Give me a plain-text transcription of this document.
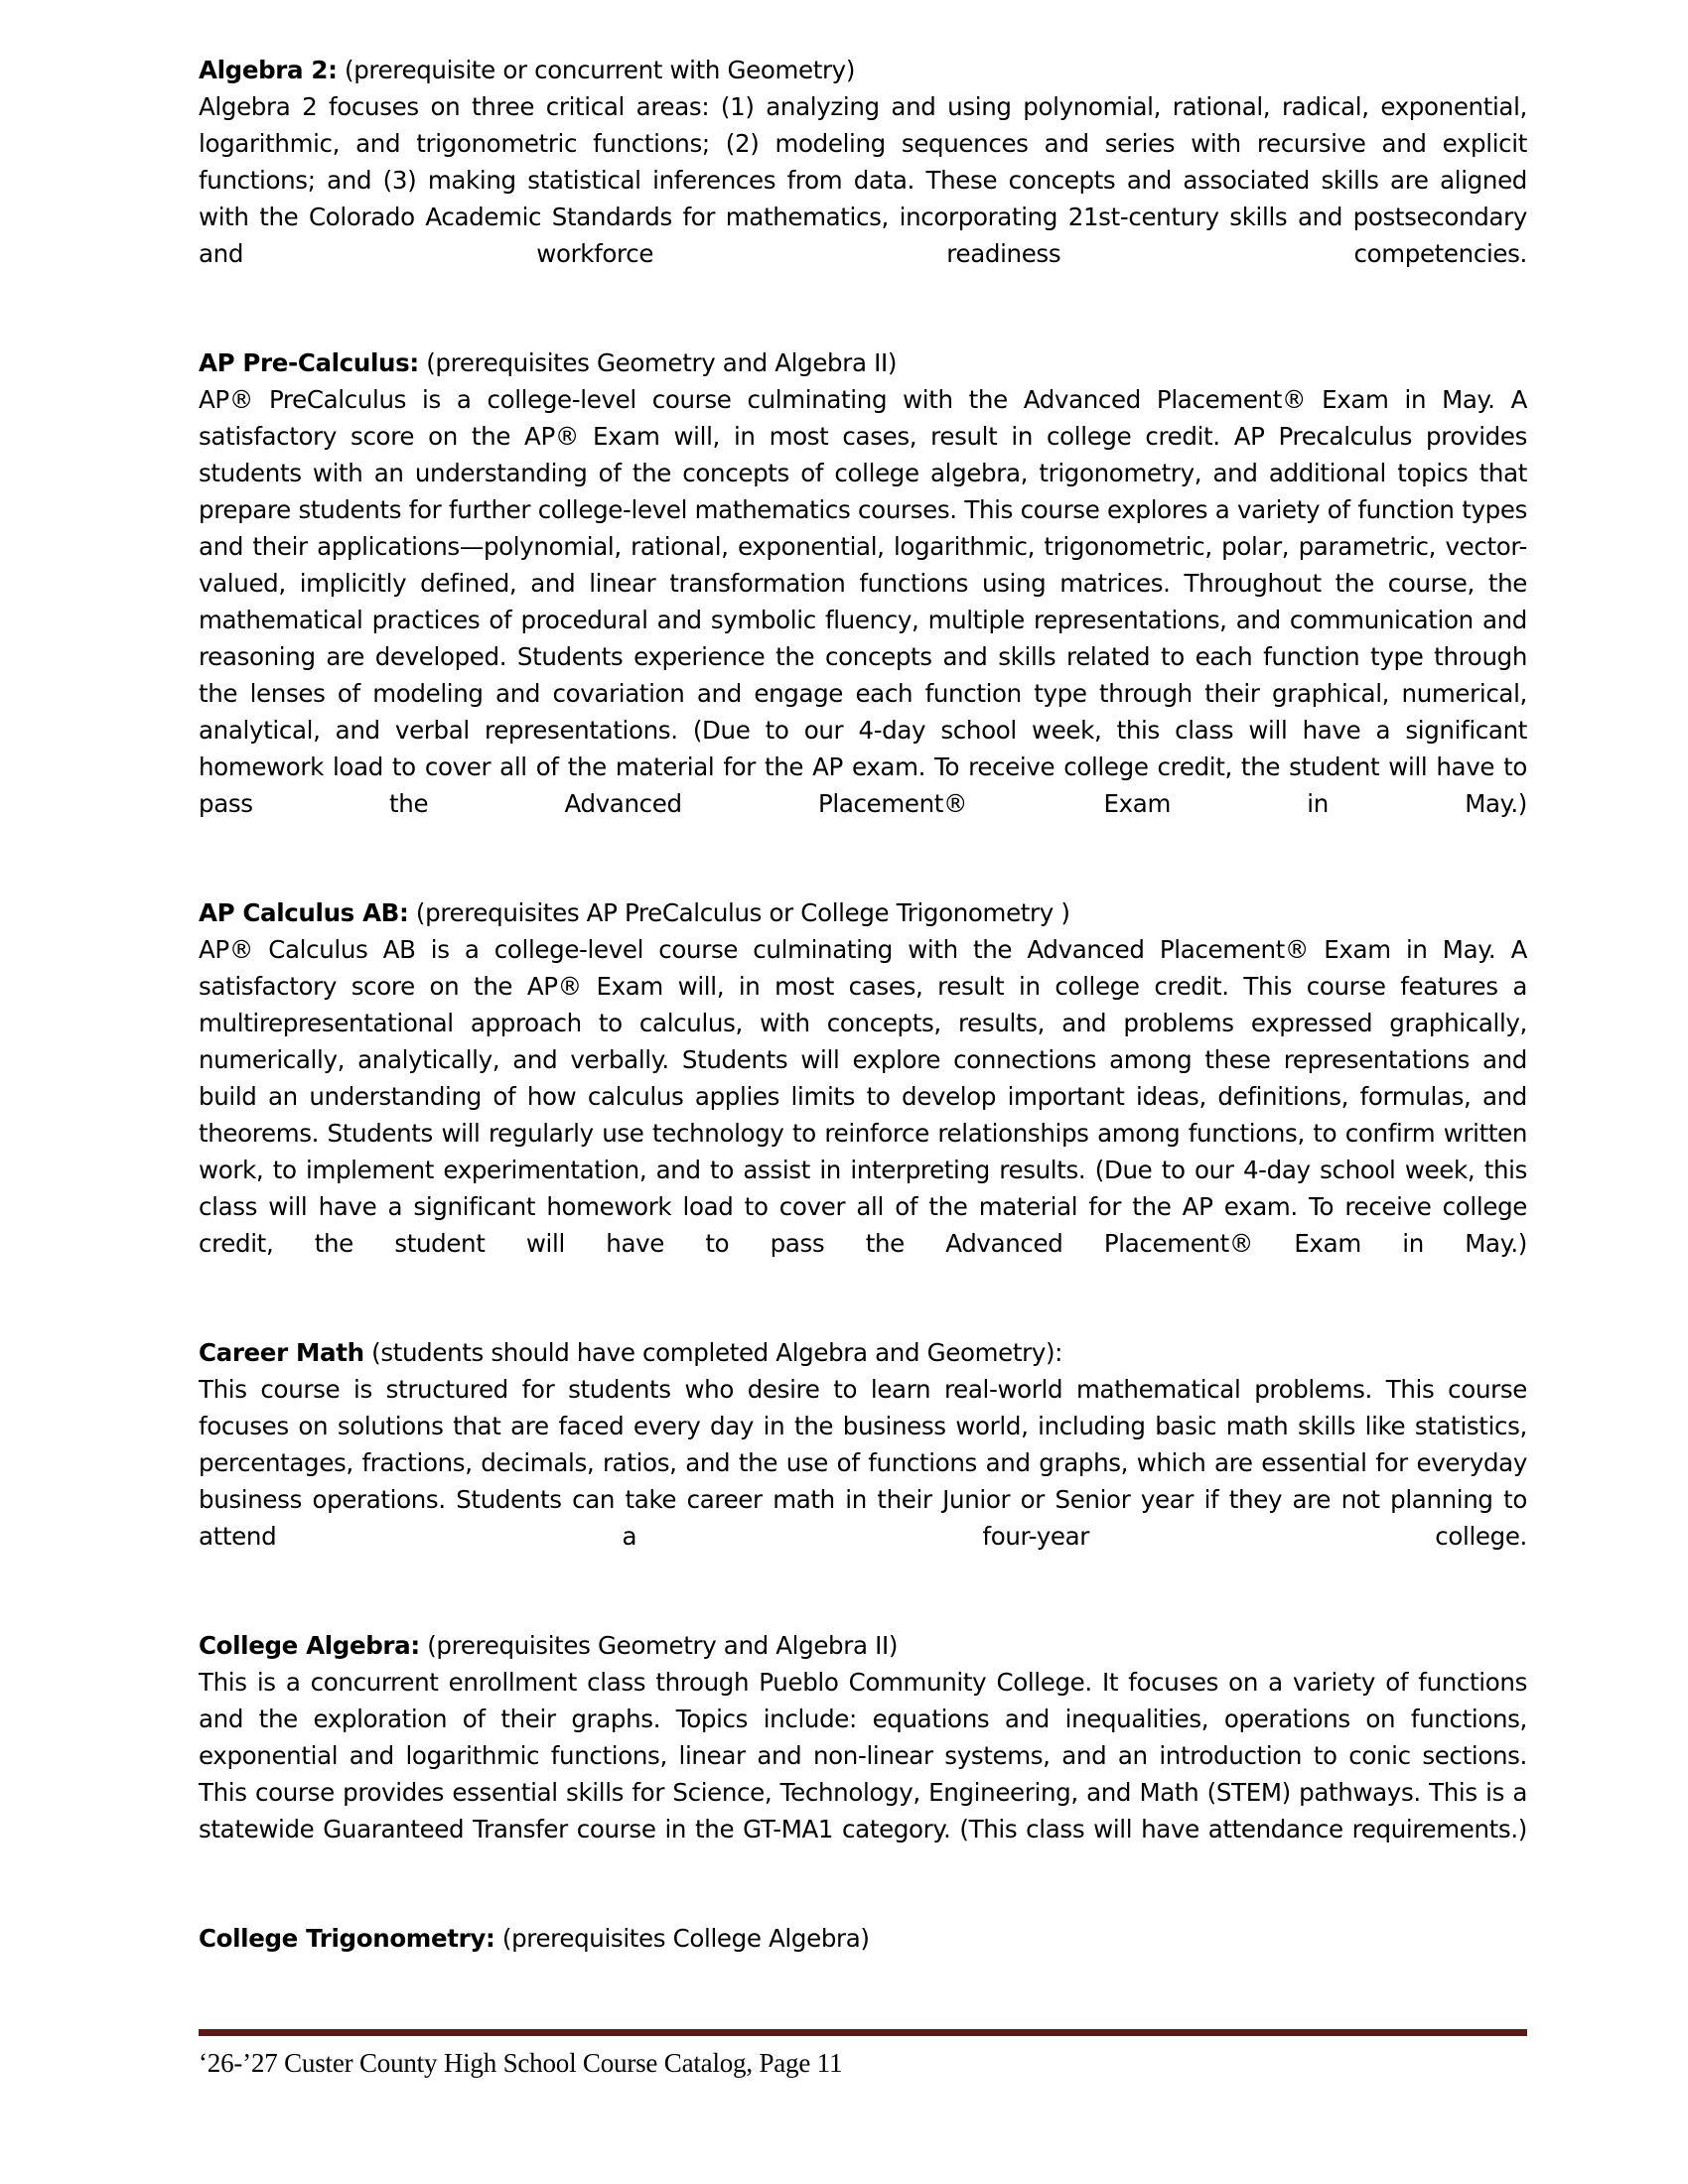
Algebra 2: (prerequisite or concurrent with Geometry)

Algebra 2 focuses on three critical areas: (1) analyzing and using polynomial, rational, radical, exponential, logarithmic, and trigonometric functions; (2) modeling sequences and series with recursive and explicit functions; and (3) making statistical inferences from data. These concepts and associated skills are aligned with the Colorado Academic Standards for mathematics, incorporating 21st-century skills and postsecondary and workforce readiness competencies.

AP Pre-Calculus: (prerequisites Geometry and Algebra II)

AP® PreCalculus is a college-level course culminating with the Advanced Placement® Exam in May. A satisfactory score on the AP® Exam will, in most cases, result in college credit. AP Precalculus provides students with an understanding of the concepts of college algebra, trigonometry, and additional topics that prepare students for further college-level mathematics courses. This course explores a variety of function types and their applications—polynomial, rational, exponential, logarithmic, trigonometric, polar, parametric, vector-valued, implicitly defined, and linear transformation functions using matrices. Throughout the course, the mathematical practices of procedural and symbolic fluency, multiple representations, and communication and reasoning are developed. Students experience the concepts and skills related to each function type through the lenses of modeling and covariation and engage each function type through their graphical, numerical, analytical, and verbal representations. (Due to our 4-day school week, this class will have a significant homework load to cover all of the material for the AP exam. To receive college credit, the student will have to pass the Advanced Placement® Exam in May.)

AP Calculus AB: (prerequisites AP PreCalculus or College Trigonometry )

AP® Calculus AB is a college-level course culminating with the Advanced Placement® Exam in May. A satisfactory score on the AP® Exam will, in most cases, result in college credit. This course features a multirepresentational approach to calculus, with concepts, results, and problems expressed graphically, numerically, analytically, and verbally. Students will explore connections among these representations and build an understanding of how calculus applies limits to develop important ideas, definitions, formulas, and theorems. Students will regularly use technology to reinforce relationships among functions, to confirm written work, to implement experimentation, and to assist in interpreting results. (Due to our 4-day school week, this class will have a significant homework load to cover all of the material for the AP exam. To receive college credit, the student will have to pass the Advanced Placement® Exam in May.)

Career Math (students should have completed Algebra and Geometry):

This course is structured for students who desire to learn real-world mathematical problems. This course focuses on solutions that are faced every day in the business world, including basic math skills like statistics, percentages, fractions, decimals, ratios, and the use of functions and graphs, which are essential for everyday business operations. Students can take career math in their Junior or Senior year if they are not planning to attend a four-year college.

College Algebra: (prerequisites Geometry and Algebra II)

This is a concurrent enrollment class through Pueblo Community College. It focuses on a variety of functions and the exploration of their graphs. Topics include: equations and inequalities, operations on functions, exponential and logarithmic functions, linear and non-linear systems, and an introduction to conic sections. This course provides essential skills for Science, Technology, Engineering, and Math (STEM) pathways. This is a statewide Guaranteed Transfer course in the GT-MA1 category. (This class will have attendance requirements.)

College Trigonometry: (prerequisites College Algebra)
‘26-’27 Custer County High School Course Catalog, Page 11
